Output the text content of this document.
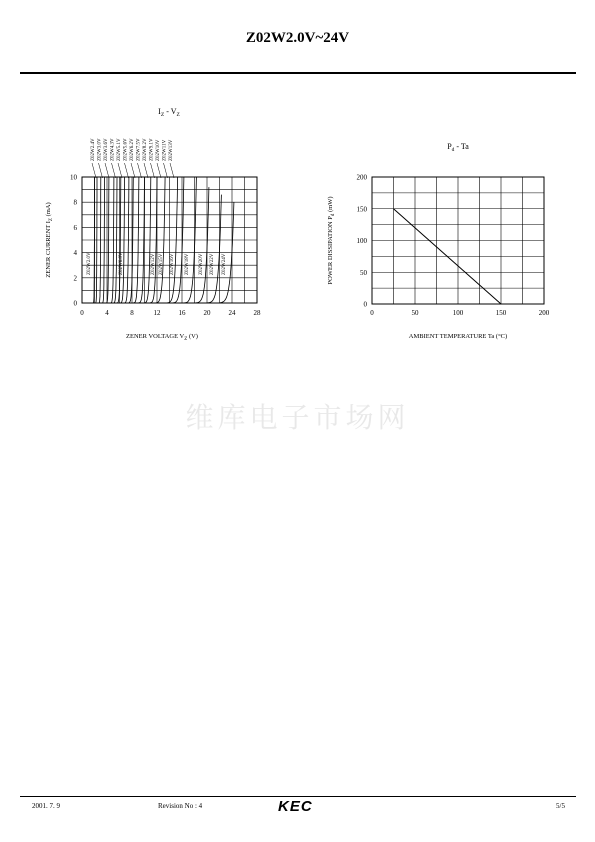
Z02W2.0V~24V
0	4	8	12	16	20	24	28
0
2
4
6
8
10
$I_Z - V_Z$
ZENER VOLTAGE $V_Z$ (V)
ZENER CURRENT $I_Z$ (mA)
Z02W2.4V Z02W3.0V Z02W3.6V Z02W4.3V Z02W5.1V Z02W5.6V Z02W6.2V Z02W7.5V Z02W8.2V Z02W9.1V Z02W10V Z02W11V Z02W13V
Z02W2.0V	Z02W6.8V	Z02W12V Z02W15V Z02W16V Z02W18V Z02W20V Z02W22V Z02W24V
0	50	100	150	200
0
50
100
150
200
$P_d$ - Ta
AMBIENT TEMPERATURE Ta (°C)
POWER DISSIPATION $P_d$ (mW)
维库电子市场网
2001. 7. 9	Revision No : 4	KEC	5/5
